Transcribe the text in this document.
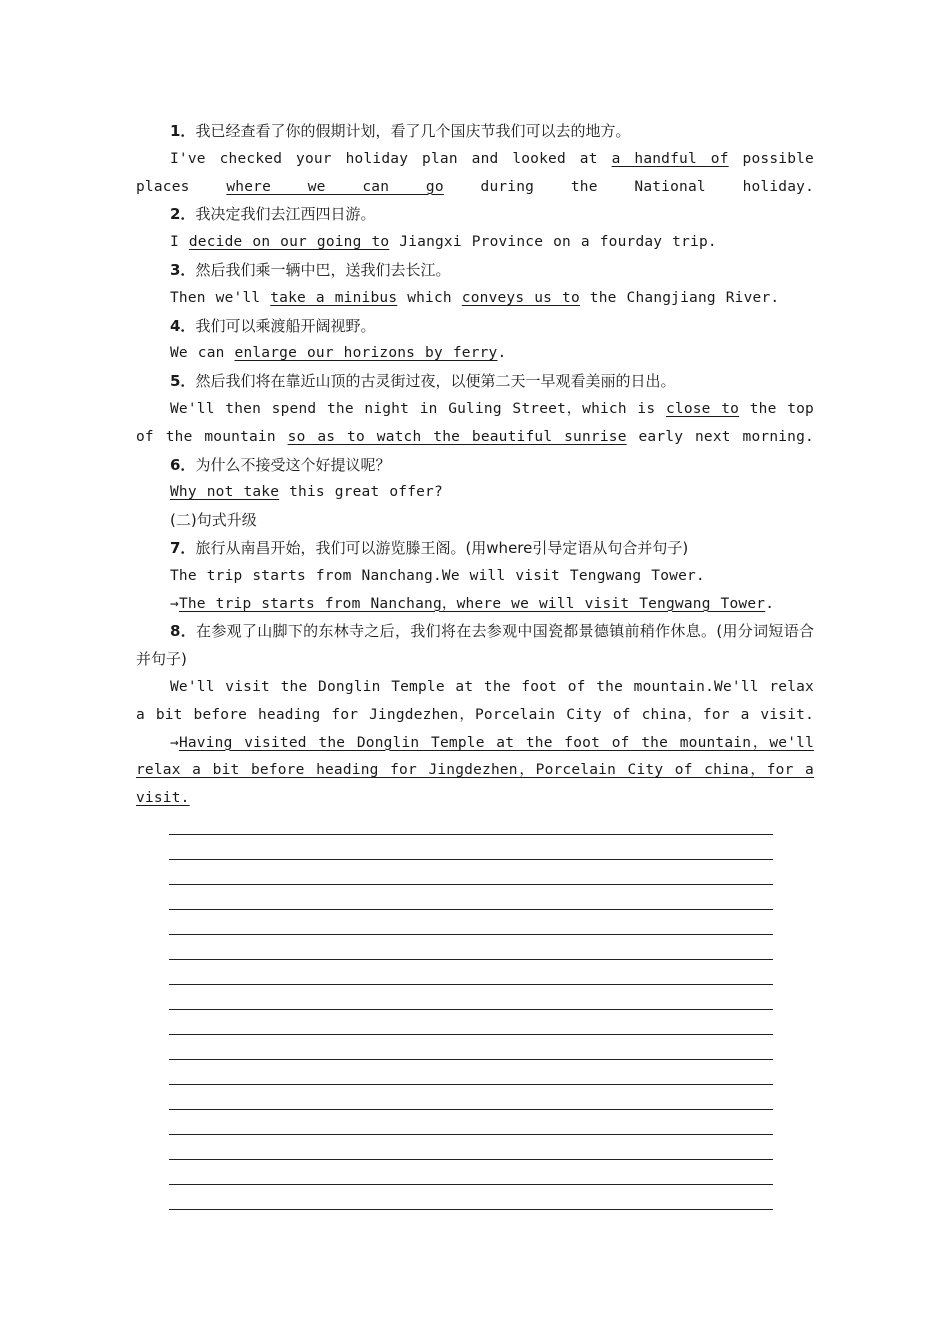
1．我已经查看了你的假期计划，看了几个国庆节我们可以去的地方。

I've checked your holiday plan and looked at a handful of possible places where we can go during the National holiday.

2．我决定我们去江西四日游。

I decide on our going to Jiangxi Province on a fourday trip.

3．然后我们乘一辆中巴，送我们去长江。

Then we'll take a minibus which conveys us to the Changjiang River.

4．我们可以乘渡船开阔视野。

We can enlarge our horizons by ferry.

5．然后我们将在靠近山顶的古灵街过夜，以便第二天一早观看美丽的日出。

We'll then spend the night in Guling Street，which is close to the top of the mountain so as to watch the beautiful sunrise early next morning.

6．为什么不接受这个好提议呢？

Why not take this great offer?

(二)句式升级

7．旅行从南昌开始，我们可以游览滕王阁。(用where引导定语从句合并句子)

The trip starts from Nanchang.We will visit Tengwang Tower.

→The trip starts from Nanchang，where we will visit Tengwang Tower.

8．在参观了山脚下的东林寺之后，我们将在去参观中国瓷都景德镇前稍作休息。(用分词短语合并句子)

We'll visit the Donglin Temple at the foot of the mountain.We'll relax a bit before heading for Jingdezhen，Porcelain City of china，for a visit.

→Having visited the Donglin Temple at the foot of the mountain，we'll relax a bit before heading for Jingdezhen，Porcelain City of china，for a visit.
